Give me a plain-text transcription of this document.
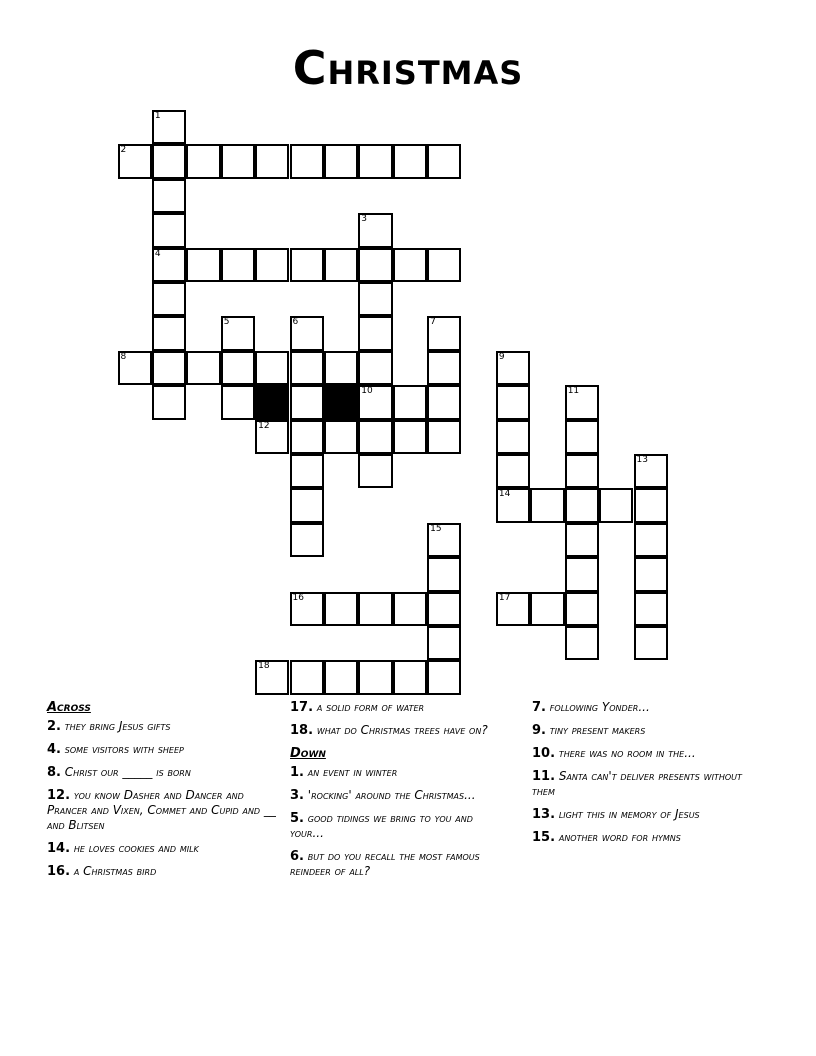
Christmas
1
2
3
4
5	6	7
8	9
10	11
12
13
14
15
16	17
18
Across
2. they bring Jesus gifts
4. some visitors with sheep
8. Christ our _____ is born
12. you know Dasher and Dancer and Prancer and Vixen, Commet and Cupid and __ and Blitsen
14. he loves cookies and milk
16. a Christmas bird
17. a solid form of water
18. what do Christmas trees have on?
Down
1. an event in winter
3. 'rocking' around the Christmas...
5. good tidings we bring to you and your...
6. but do you recall the most famous reindeer of all?
7. following Yonder...
9. tiny present makers
10. there was no room in the...
11. Santa can't deliver presents without them
13. light this in memory of Jesus
15. another word for hymns
